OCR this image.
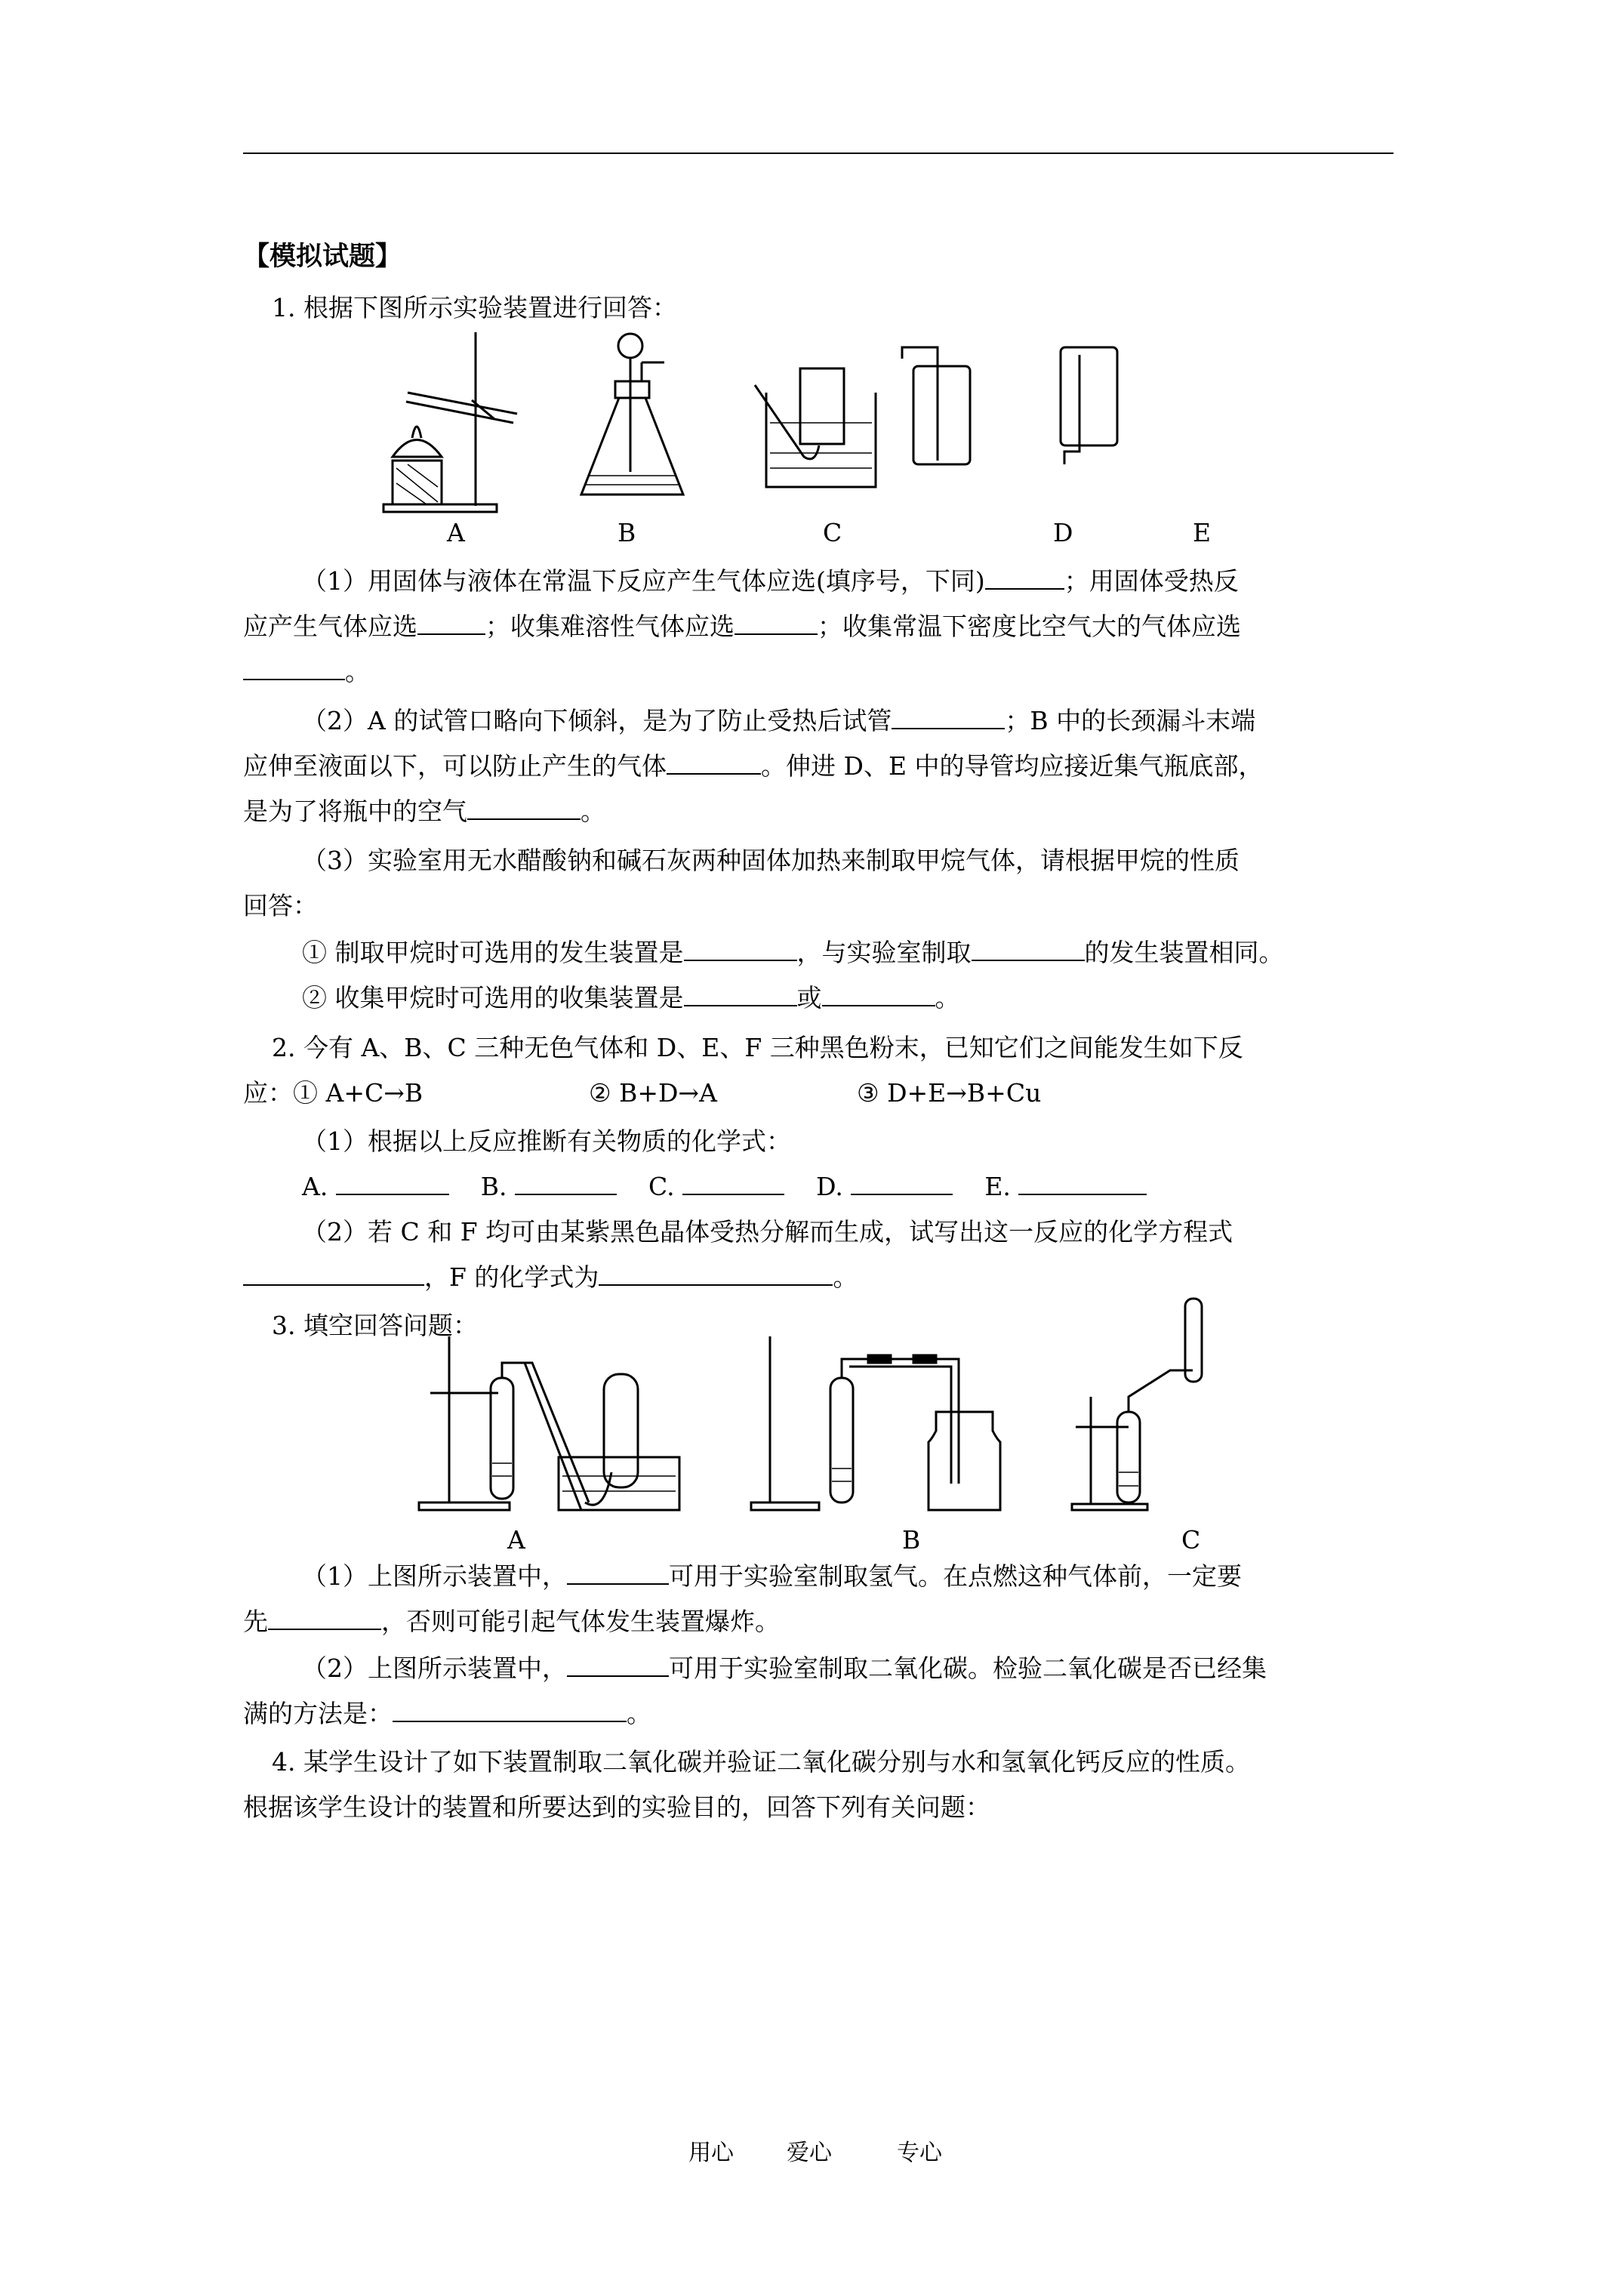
【模拟试题】
1. 根据下图所示实验装置进行回答：
A	B	C	D	E
（1）用固体与液体在常温下反应产生气体应选(填序号，下同)	；用固体受热反
应产生气体应选	；收集难溶性气体应选	；收集常温下密度比空气大的气体应选
。
（2）A 的试管口略向下倾斜，是为了防止受热后试管	；B 中的长颈漏斗末端
应伸至液面以下，可以防止产生的气体	。伸进 D、E 中的导管均应接近集气瓶底部，
是为了将瓶中的空气	。
（3）实验室用无水醋酸钠和碱石灰两种固体加热来制取甲烷气体，请根据甲烷的性质
回答：
① 制取甲烷时可选用的发生装置是	，与实验室制取	的发生装置相同。
② 收集甲烷时可选用的收集装置是	或	。
2. 今有 A、B、C 三种无色气体和 D、E、F 三种黑色粉末，已知它们之间能发生如下反
应：① A+C→B	② B+D→A	③ D+E→B+Cu
（1）根据以上反应推断有关物质的化学式：
A.	B.	C.	D.	E.
（2）若 C 和 F 均可由某紫黑色晶体受热分解而生成，试写出这一反应的化学方程式
，F 的化学式为	。
3. 填空回答问题：
A	B	C
（1）上图所示装置中，	可用于实验室制取氢气。在点燃这种气体前，一定要
先	，否则可能引起气体发生装置爆炸。
（2）上图所示装置中，	可用于实验室制取二氧化碳。检验二氧化碳是否已经集
满的方法是：	。
4. 某学生设计了如下装置制取二氧化碳并验证二氧化碳分别与水和氢氧化钙反应的性质。
根据该学生设计的装置和所要达到的实验目的，回答下列有关问题：
用心 爱心	专心
